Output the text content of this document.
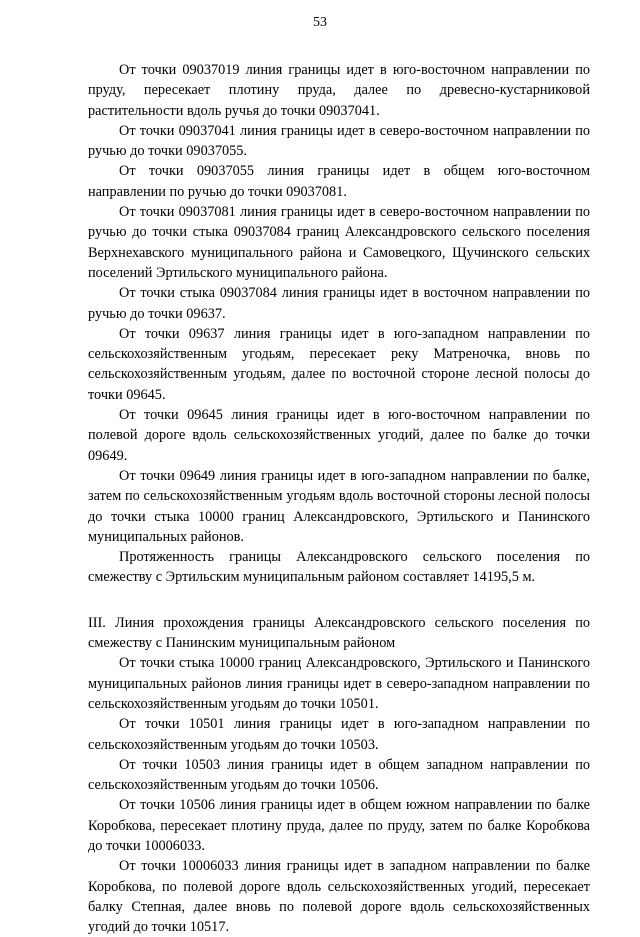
53

От точки 09037019 линия границы идет в юго-восточном направлении по пруду, пересекает плотину пруда, далее по древесно-кустарниковой растительности вдоль ручья до точки 09037041.

От точки 09037041 линия границы идет в северо-восточном направлении по ручью до точки 09037055.

От точки 09037055 линия границы идет в общем юго-восточном направлении по ручью до точки 09037081.

От точки 09037081 линия границы идет в северо-восточном направлении по ручью до точки стыка 09037084 границ Александровского сельского поселения Верхнехавского муниципального района и Самовецкого, Щучинского сельских поселений Эртильского муниципального района.

От точки стыка 09037084 линия границы идет в восточном направлении по ручью до точки 09637.

От точки 09637 линия границы идет в юго-западном направлении по сельскохозяйственным угодьям, пересекает реку Матреночка, вновь по сельскохозяйственным угодьям, далее по восточной стороне лесной полосы до точки 09645.

От точки 09645 линия границы идет в юго-восточном направлении по полевой дороге вдоль сельскохозяйственных угодий, далее по балке до точки 09649.

От точки 09649 линия границы идет в юго-западном направлении по балке, затем по сельскохозяйственным угодьям вдоль восточной стороны лесной полосы до точки стыка 10000 границ Александровского, Эртильского и Панинского муниципальных районов.

Протяженность границы Александровского сельского поселения по смежеству с Эртильским муниципальным районом составляет 14195,5 м.

III. Линия прохождения границы Александровского сельского поселения по смежеству с Панинским муниципальным районом

От точки стыка 10000 границ Александровского, Эртильского и Панинского муниципальных районов линия границы идет в северо-западном направлении по сельскохозяйственным угодьям до точки 10501.

От точки 10501 линия границы идет в юго-западном направлении по сельскохозяйственным угодьям до точки 10503.

От точки 10503 линия границы идет в общем западном направлении по сельскохозяйственным угодьям до точки 10506.

От точки 10506 линия границы идет в общем южном направлении по балке Коробкова, пересекает плотину пруда, далее по пруду, затем по балке Коробкова до точки 10006033.

От точки 10006033 линия границы идет в западном направлении по балке Коробкова, по полевой дороге вдоль сельскохозяйственных угодий, пересекает балку Степная, далее вновь по полевой дороге вдоль сельскохозяйственных угодий до точки 10517.
